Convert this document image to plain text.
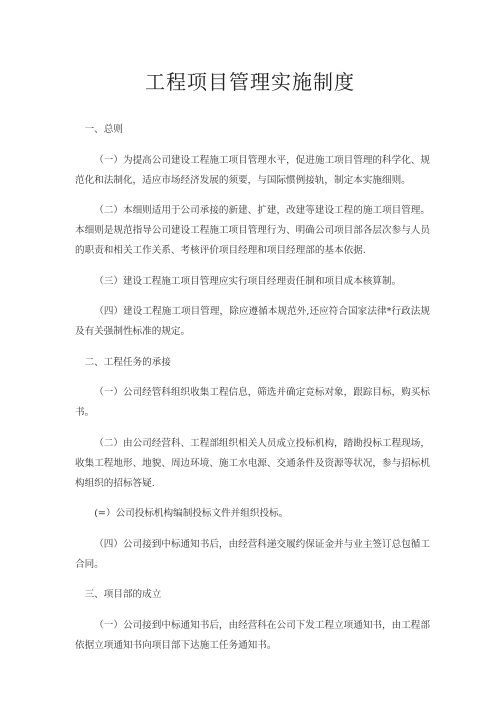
工程项目管理实施制度

一、总则

（一）为提高公司建设工程施工项目管理水平，促进施工项目管理的科学化、规范化和法制化，适应市场经济发展的须要，与国际惯例接轨，制定本实施细则。

（二）本细则适用于公司承接的新建、扩建，改建等建设工程的施工项目管理。本细则是规范指导公司建设工程施工项目管理行为、明确公司项目部各层次参与人员的职责和相关工作关系、考核评价项目经理和项目经理部的基本依据.

（三）建设工程施工项目管理应实行项目经理责任制和项目成本核算制。

（四）建设工程施工项目管理，除应遵循本规范外,还应符合国家法律*行政法规及有关强制性标准的规定。

二、工程任务的承接

（一）公司经管科组织收集工程信息，筛选并确定竞标对象，跟踪目标，购买标书。

（二）由公司经营科、工程部组织相关人员成立投标机构，踏勘投标工程现场，收集工程地形、地貌、周边环境、施工水电源、交通条件及资源等状况，参与招标机构组织的招标答疑.

(=）公司投标机构编制投标文件并组织投标。

（四）公司接到中标通知书后，由经营科递交履约保证金并与业主签订总包循工合同。

三、项目部的成立

（一）公司接到中标通知书后，由经营科在公司下发工程立项通知书，由工程部依据立项通知书向项目部下达施工任务通知书。
